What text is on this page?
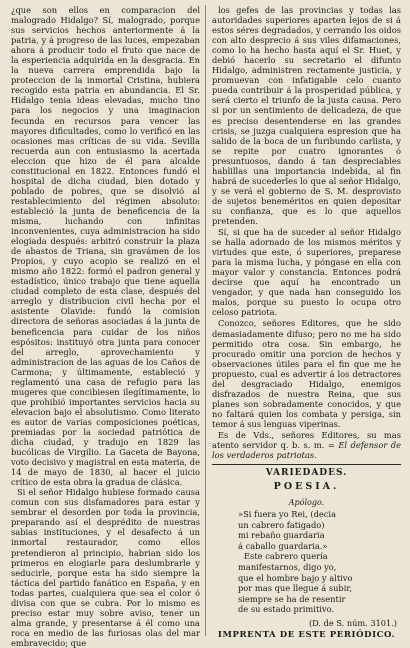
¿que son ellos en comparacion del malogrado Hidalgo? Sí, malogrado, porque sus servicios hechos anteriormente á la patria, y á progreso de las luces, empezaban ahora á producir todo el fruto que nace de la esperiencia adquirida en la desgracia. En la nueva carrera emprendida bajo la proteccion de la inmortal Cristina, hubiera recogido esta patria en abundancia. El Sr. Hidalgo tenia ideas elevadas, mucho tino para los negocios y una imaginacion fecunda en recursos para vencer las mayores dificultades, como lo verificó en las ocasiones mas críticas de su vida. Sevilla recuerda aun con entusiasmo la acertada eleccion que hizo de él para alcalde constitucional en 1822. Entonces fundó el hospital de dicha ciudad, bien dotado y poblado de pobres, que se disolvió al restablecimiento del régimen absoluto: estableció la junta de beneficencia de la misma, luchando con infinitas inconvenientes, cuya administracion ha sido elogiada después: arbitró construir la plaza de abastos de Triana, sin gravámen de los Propios, y cuyo acopio se realizó en el mismo año 1822: formó el padron general y estadístico, único trabajo que tiene aquella ciudad completo de esta clase, después del arreglo y distribucion civil hecha por el asistente Olavide: fundó la comision directora de señoras asociadas á la junta de beneficencia para cuidar de los niños espósitos: instituyó otra junta para conocer del arreglo, aprovechamiento y administracion de las aguas de los Caños de Carmona; y últimamente, estableció y reglamentó una casa de refugio para las mugeres que concibiesen ilegítimamente, lo que prohibió importantes servicios hacia su elevacion bajo el absolutismo. Como literato es autor de varias composiciones poéticas, premiadas por la sociedad patriótica de dicha ciudad, y tradujo en 1829 las bucólicas de Virgilio. La Gaceta de Bayona, voto decisivo y magistral en esta materia, de 14 de mayo de 1830, al hacer el juicio crítico de esta obra la gradua de clásica.

Si el señor Hidalgo hubiese formado causa comun con sus disfamadores para estar y sembrar el desorden por toda la provincia, preparando así el desprédito de nuestras sabias instituciones, y el desafecto á un inmortal restaurador, como ellos pretendieron al principio, habrian sido los primeros en elogiarle para deslumbrarle y seducirle, porque esta ha sido siempre la táctica del partido fanático en España, y en todas partes, cualquiera que sea el color ó divisa con que se cubra. Por lo mismo es preciso estar muy sobre aviso, tener un alma grande, y presentarse á él como una roca en medio de las furiosas olas del mar embravecido; que

los gefes de las provincias y todas las autoridades superiores aparten lejos de si á estos séres degradados, y cerrando los oidos con alto desprecio á sus viles difamaciones, como lo ha hecho hasta aquí el Sr. Huet, y debió hacerlo su secretario el difunto Hidalgo, administren rectamente justicia, y promuevan con infatigable celo cuanto pueda contribuir á la prosperidad pública, y será cierto el triunfo de la justa causa. Pero si por un sentimiento de delicadeza, de que es preciso desentenderse en las grandes crisis, se juzga cualquiera espresion que ha salido de la boca de un furibundo carlista, y se repite por cuatro ignorantes ó presuntuosos, dando á tan despreciables hablillas una importancia indebida, al fin habrá de sucederles lo que al señor Hidalgo, y se verá el gobierno de S. M. desprovisto de sujetos beneméritos en quien depositar su confianza, que es lo que aquellos pretenden.

Sí, si que ha de suceder al señor Hidalgo se halla adornado de los mismos méritos y virtudes que este, ó superiores, preparese para la misma lucha, y póngase en ella con mayor valor y constancia. Entonces podrá decirse que aquí ha encontrado un vengador, y que nada han conseguido los malos, porque su puesto lo ocupa otro celoso patriota.

Conozco, señores Editores, que he sido demasiadamente difuso; pero no me ha sido permitido otra cosa. Sin embargo, he procurado omitir una porcion de hechos y observaciones útiles para el fin que me he propuesto, cual es advertir á los detractores del desgraciado Hidalgo, enemigos disfrazados de nuestra Reina, que sus planes son sobradamente conocidos, y que no faltará quien los combata y persiga, sin temor á sus lenguas viperinas.

Es de Vds., señores Editores, su mas atento servidor q. b. s. m. = El defensor de los verdaderos patriotas.

VARIEDADES.
POESIA.
Apólogo.

»Si fuera yo Rei, (decia

un cabrero fatigado)

mi rebaño guardaria

á caballo guardaria.»

Este cabrero quería

manifestarnos, digo yo,

que el hombre bajo y altivo

por mas que llegue á subir,

siempre se ha de resentir

de su estado primitivo.

(D. de S. núm. 3101.)
IMPRENTA DE ESTE PERIÓDICO.
